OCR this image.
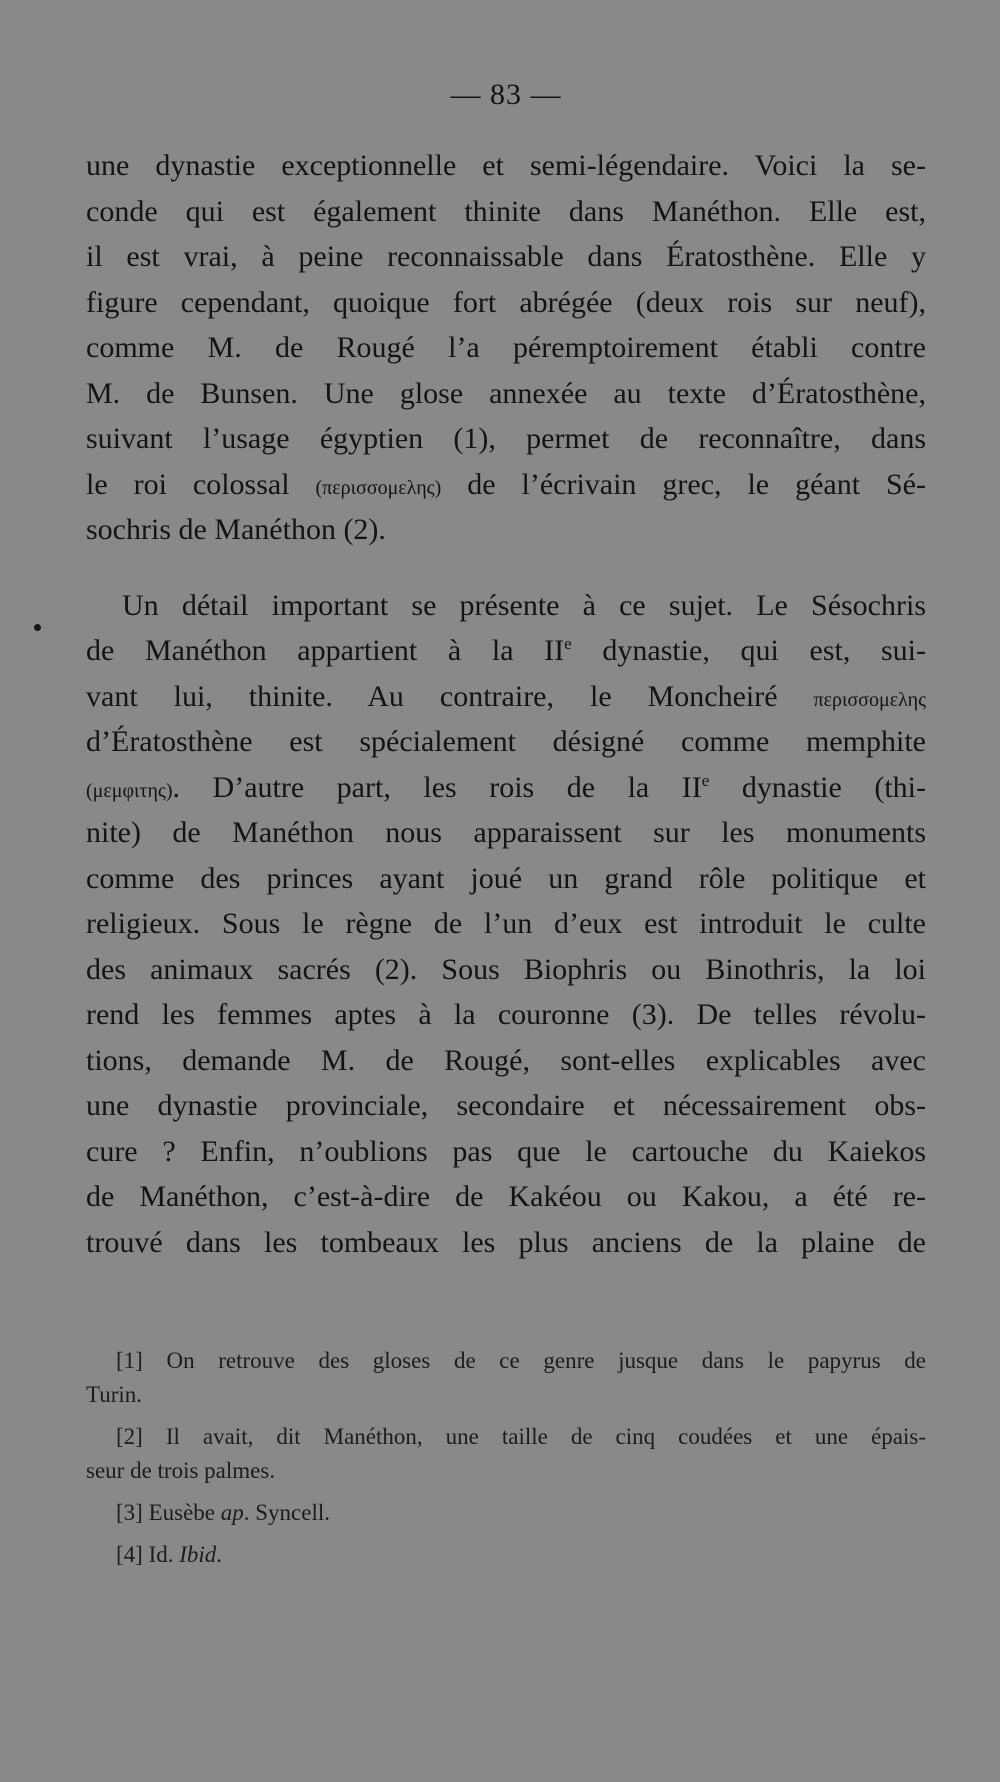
— 83 —
une dynastie exceptionnelle et semi-légendaire. Voici la se-
conde qui est également thinite dans Manéthon. Elle est,
il est vrai, à peine reconnaissable dans Ératosthène. Elle y
figure cependant, quoique fort abrégée (deux rois sur neuf),
comme M. de Rougé l’a péremptoirement établi contre
M. de Bunsen. Une glose annexée au texte d’Ératosthène,
suivant l’usage égyptien (1), permet de reconnaître, dans
le roi colossal (περισσομελης) de l’écrivain grec, le géant Sé-
sochris de Manéthon (2).
Un détail important se présente à ce sujet. Le Sésochris
de Manéthon appartient à la IIe dynastie, qui est, sui-
vant lui, thinite. Au contraire, le Moncheiré περισσομελης
d’Ératosthène est spécialement désigné comme memphite
(μεμφιτης). D’autre part, les rois de la IIe dynastie (thi-
nite) de Manéthon nous apparaissent sur les monuments
comme des princes ayant joué un grand rôle politique et
religieux. Sous le règne de l’un d’eux est introduit le culte
des animaux sacrés (2). Sous Biophris ou Binothris, la loi
rend les femmes aptes à la couronne (3). De telles révolu-
tions, demande M. de Rougé, sont-elles explicables avec
une dynastie provinciale, secondaire et nécessairement obs-
cure ? Enfin, n’oublions pas que le cartouche du Kaiekos
de Manéthon, c’est-à-dire de Kakéou ou Kakou, a été re-
trouvé dans les tombeaux les plus anciens de la plaine de
[1] On retrouve des gloses de ce genre jusque dans le papyrus de
Turin.
[2] Il avait, dit Manéthon, une taille de cinq coudées et une épais-
seur de trois palmes.
[3] Eusèbe ap. Syncell.
[4] Id. Ibid.
